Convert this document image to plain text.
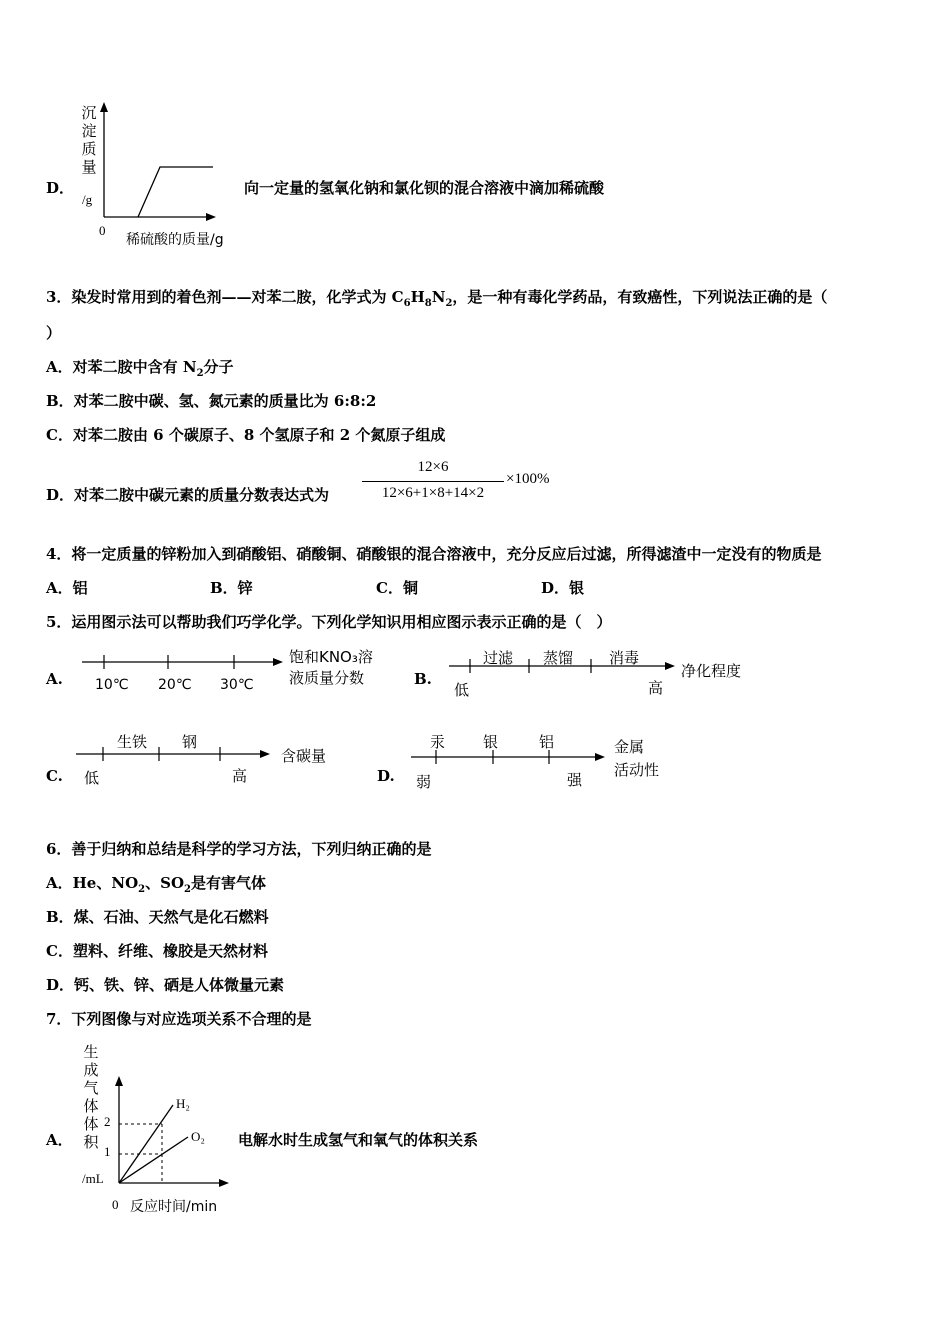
D．
沉
淀
质
量
/g
0
稀硫酸的质量/g
向一定量的氢氧化钠和氯化钡的混合溶液中滴加稀硫酸
3．染发时常用到的着色剂——对苯二胺，化学式为 $C_6H_8N_2$，是一种有毒化学药品，有致癌性，下列说法正确的是（
）
A．对苯二胺中含有 $N_2$分子
B．对苯二胺中碳、氢、氮元素的质量比为 6:8:2
C．对苯二胺由 6 个碳原子、8 个氢原子和 2 个氮原子组成
D．对苯二胺中碳元素的质量分数表达式为
12×6
12×6+1×8+14×2
×100%
4．将一定质量的锌粉加入到硝酸铝、硝酸铜、硝酸银的混合溶液中，充分反应后过滤，所得滤渣中一定没有的物质是
A．铝	B．锌	C．铜	D．银
5．运用图示法可以帮助我们巧学化学。下列化学知识用相应图示表示正确的是（　）
A. 10℃ 20℃ 30℃
饱和KNO₃溶
液质量分数	B.
过滤 蒸馏 消毒
低	高
净化程度
C.
生铁 钢
低	高
含碳量
D.
汞	银	铝
弱	强
金属
活动性
6．善于归纳和总结是科学的学习方法，下列归纳正确的是
A．He、$NO_2$、$SO_2$是有害气体
B．煤、石油、天然气是化石燃料
C．塑料、纤维、橡胶是天然材料
D．钙、铁、锌、硒是人体微量元素
7．下列图像与对应选项关系不合理的是
A．
生
成
气
体
体
积
/mL
0 反应时间/min
2
1
H₂
O₂ 电解水时生成氢气和氧气的体积关系
